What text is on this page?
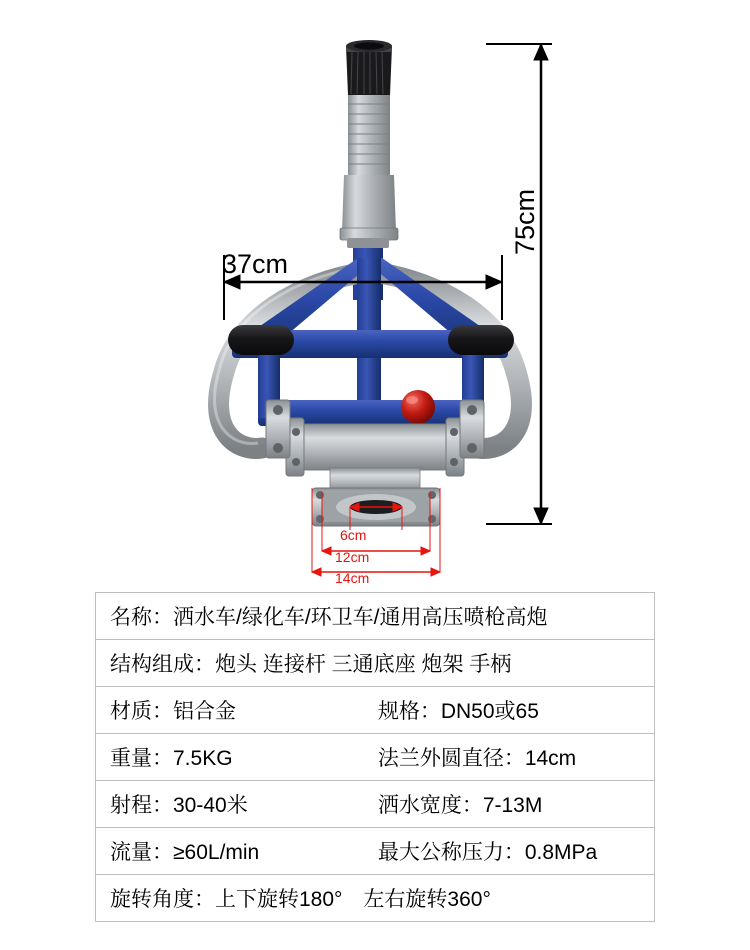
37cm
75cm
6cm
12cm
14cm
名称：洒水车/绿化车/环卫车/通用高压喷枪高炮
结构组成：炮头 连接杆 三通底座 炮架 手柄
材质：铝合金	规格：DN50或65
重量：7.5KG	法兰外圆直径：14cm
射程：30-40米	洒水宽度：7-13M
流量：≥60L/min	最大公称压力：0.8MPa
旋转角度：上下旋转180°　左右旋转360°
